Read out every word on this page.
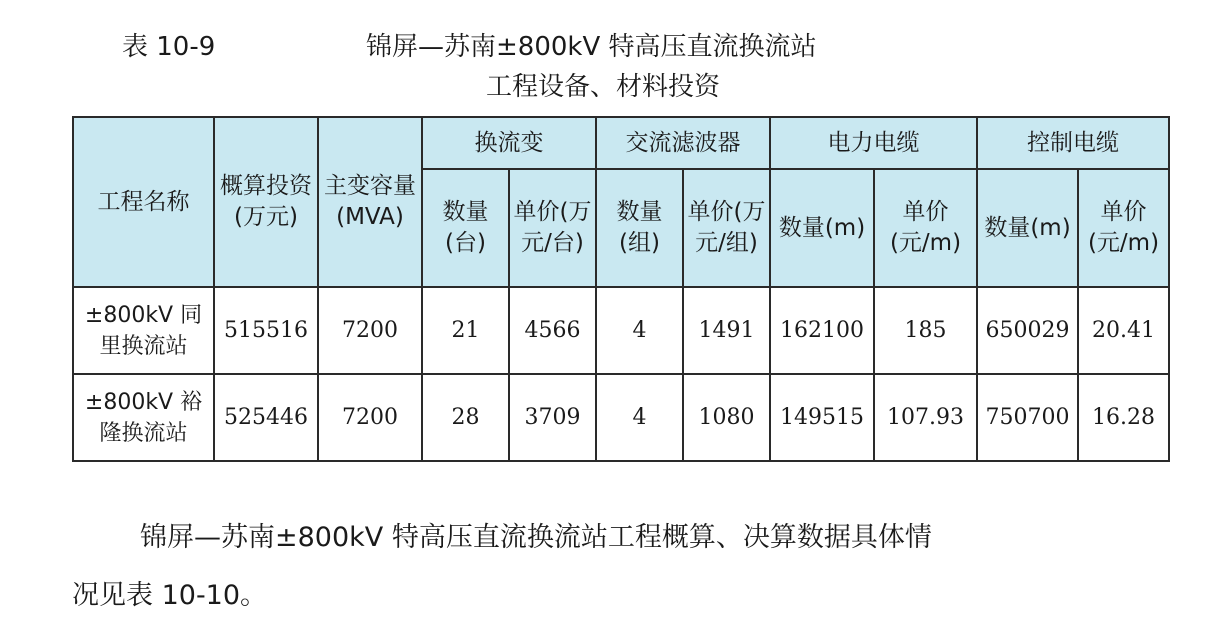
表 10-9	锦屏—苏南±800kV 特高压直流换流站
工程设备、材料投资
工程名称	概算投资(万元)	主变容量(MVA)	换流变		交流滤波器		电力电缆		控制电缆	
			数量(台)	单价(万元/台)	数量(组)	单价(万元/组)	数量(m)	单价(元/m)	数量(m)	单价(元/m)
±800kV 同里换流站	515516	7200	21	4566	4	1491	162100	185	650029	20.41
±800kV 裕隆换流站	525446	7200	28	3709	4	1080	149515	107.93	750700	16.28
锦屏—苏南±800kV 特高压直流换流站工程概算、决算数据具体情
况见表 10-10。
